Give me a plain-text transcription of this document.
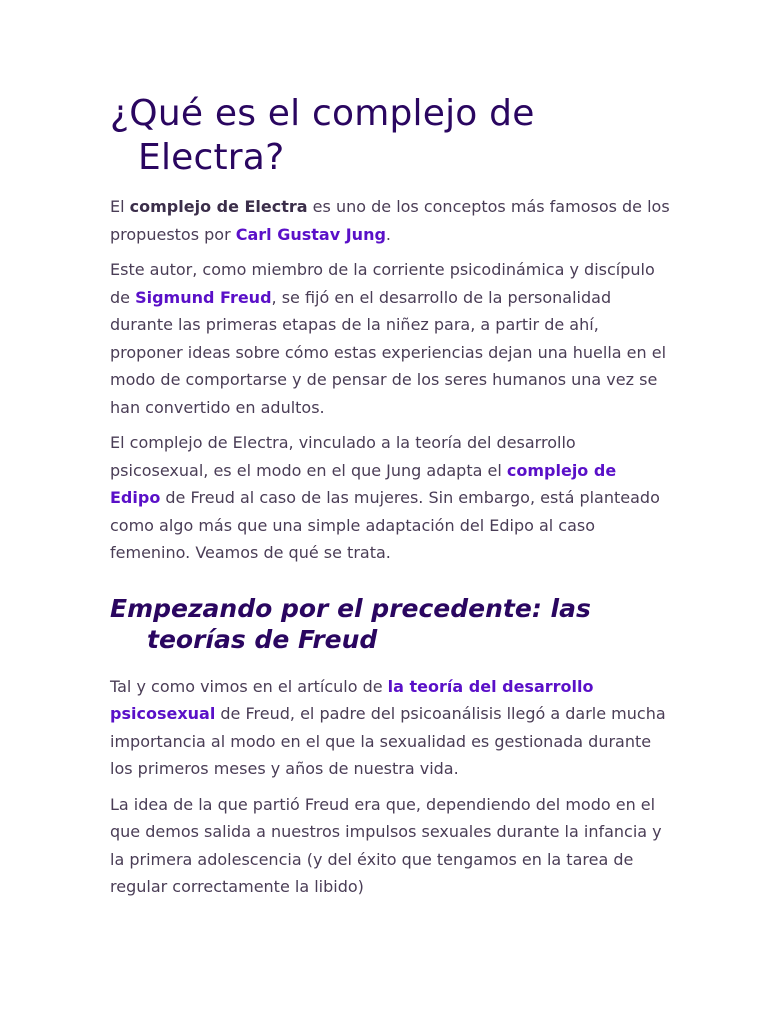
¿Qué es el complejo de Electra?

El complejo de Electra es uno de los conceptos más famosos de los propuestos por Carl Gustav Jung.

Este autor, como miembro de la corriente psicodinámica y discípulo de Sigmund Freud, se fijó en el desarrollo de la personalidad durante las primeras etapas de la niñez para, a partir de ahí, proponer ideas sobre cómo estas experiencias dejan una huella en el modo de comportarse y de pensar de los seres humanos una vez se han convertido en adultos.

El complejo de Electra, vinculado a la teoría del desarrollo psicosexual, es el modo en el que Jung adapta el complejo de Edipo de Freud al caso de las mujeres. Sin embargo, está planteado como algo más que una simple adaptación del Edipo al caso femenino. Veamos de qué se trata.

Empezando por el precedente: las teorías de Freud

Tal y como vimos en el artículo de la teoría del desarrollo psicosexual de Freud, el padre del psicoanálisis llegó a darle mucha importancia al modo en el que la sexualidad es gestionada durante los primeros meses y años de nuestra vida.

La idea de la que partió Freud era que, dependiendo del modo en el que demos salida a nuestros impulsos sexuales durante la infancia y la primera adolescencia (y del éxito que tengamos en la tarea de regular correctamente la libido)
